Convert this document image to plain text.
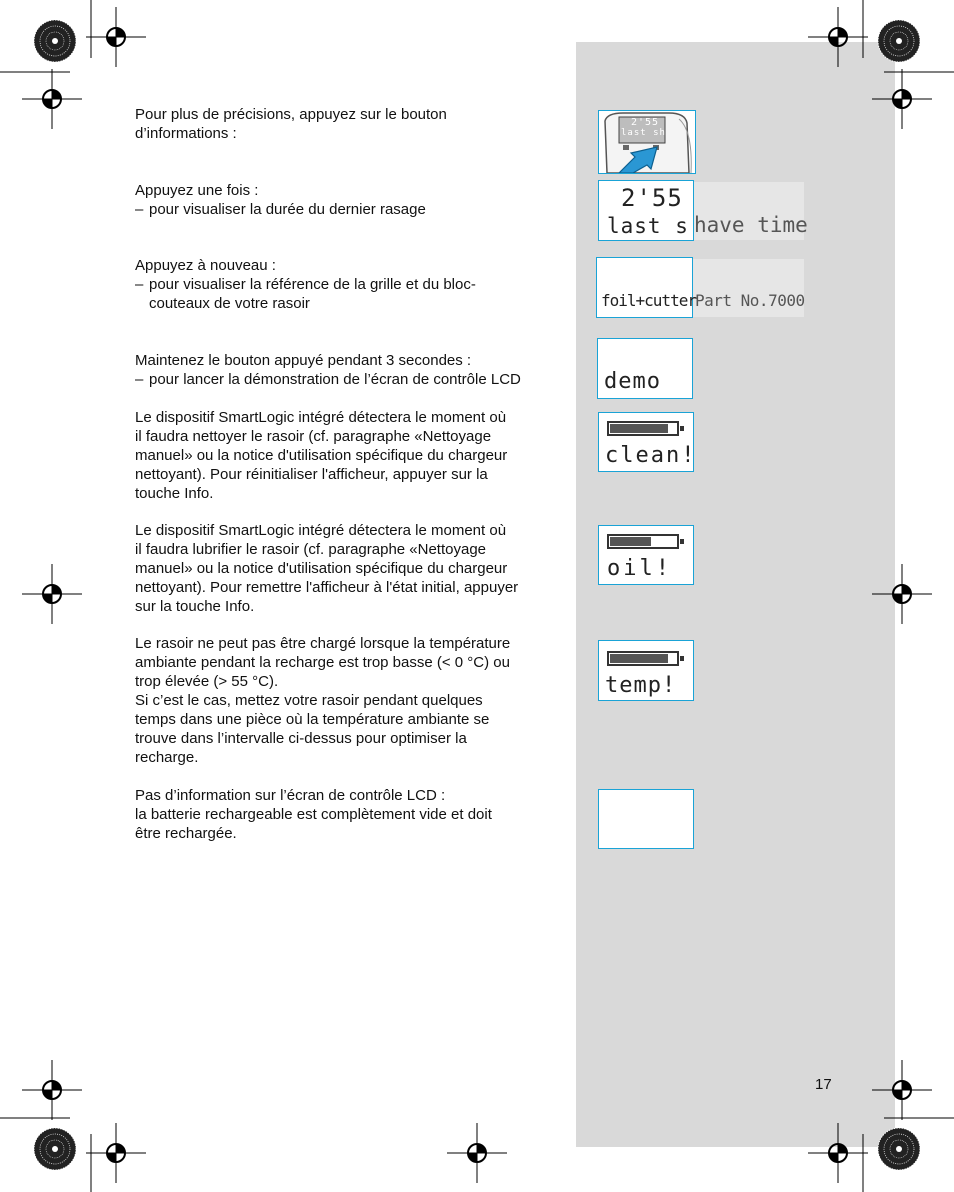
Pour plus de précisions, appuyez sur le bouton

d’informations :

Appuyez une fois :

– pour visualiser la durée du dernier rasage

Appuyez à nouveau :

– pour visualiser la référence de la grille et du bloc-
couteaux de votre rasoir

Maintenez le bouton appuyé pendant 3 secondes :

– pour lancer la démonstration de l’écran de contrôle LCD

Le dispositif SmartLogic intégré détectera le moment où

il faudra nettoyer le rasoir (cf. paragraphe «Nettoyage

manuel» ou la notice d'utilisation spécifique du chargeur

nettoyant). Pour réinitialiser l'afficheur, appuyer sur la

touche Info.

Le dispositif SmartLogic intégré détectera le moment où

il faudra lubrifier le rasoir (cf. paragraphe «Nettoyage

manuel» ou la notice d'utilisation spécifique du chargeur

nettoyant). Pour remettre l'afficheur à l'état initial, appuyer

sur la touche Info.

Le rasoir ne peut pas être chargé lorsque la température

ambiante pendant la recharge est trop basse (< 0 °C) ou

trop élevée (> 55 °C).

Si c’est le cas, mettez votre rasoir pendant quelques

temps dans une pièce où la température ambiante se

trouve dans l’intervalle ci-dessus pour optimiser la

recharge.

Pas d’information sur l’écran de contrôle LCD :

la batterie rechargeable est complètement vide et doit

être rechargée.

2'55
last sh
2'55
last s have time
foil+cutter Part No.7000
demo
clean!
oil!
temp!
17
